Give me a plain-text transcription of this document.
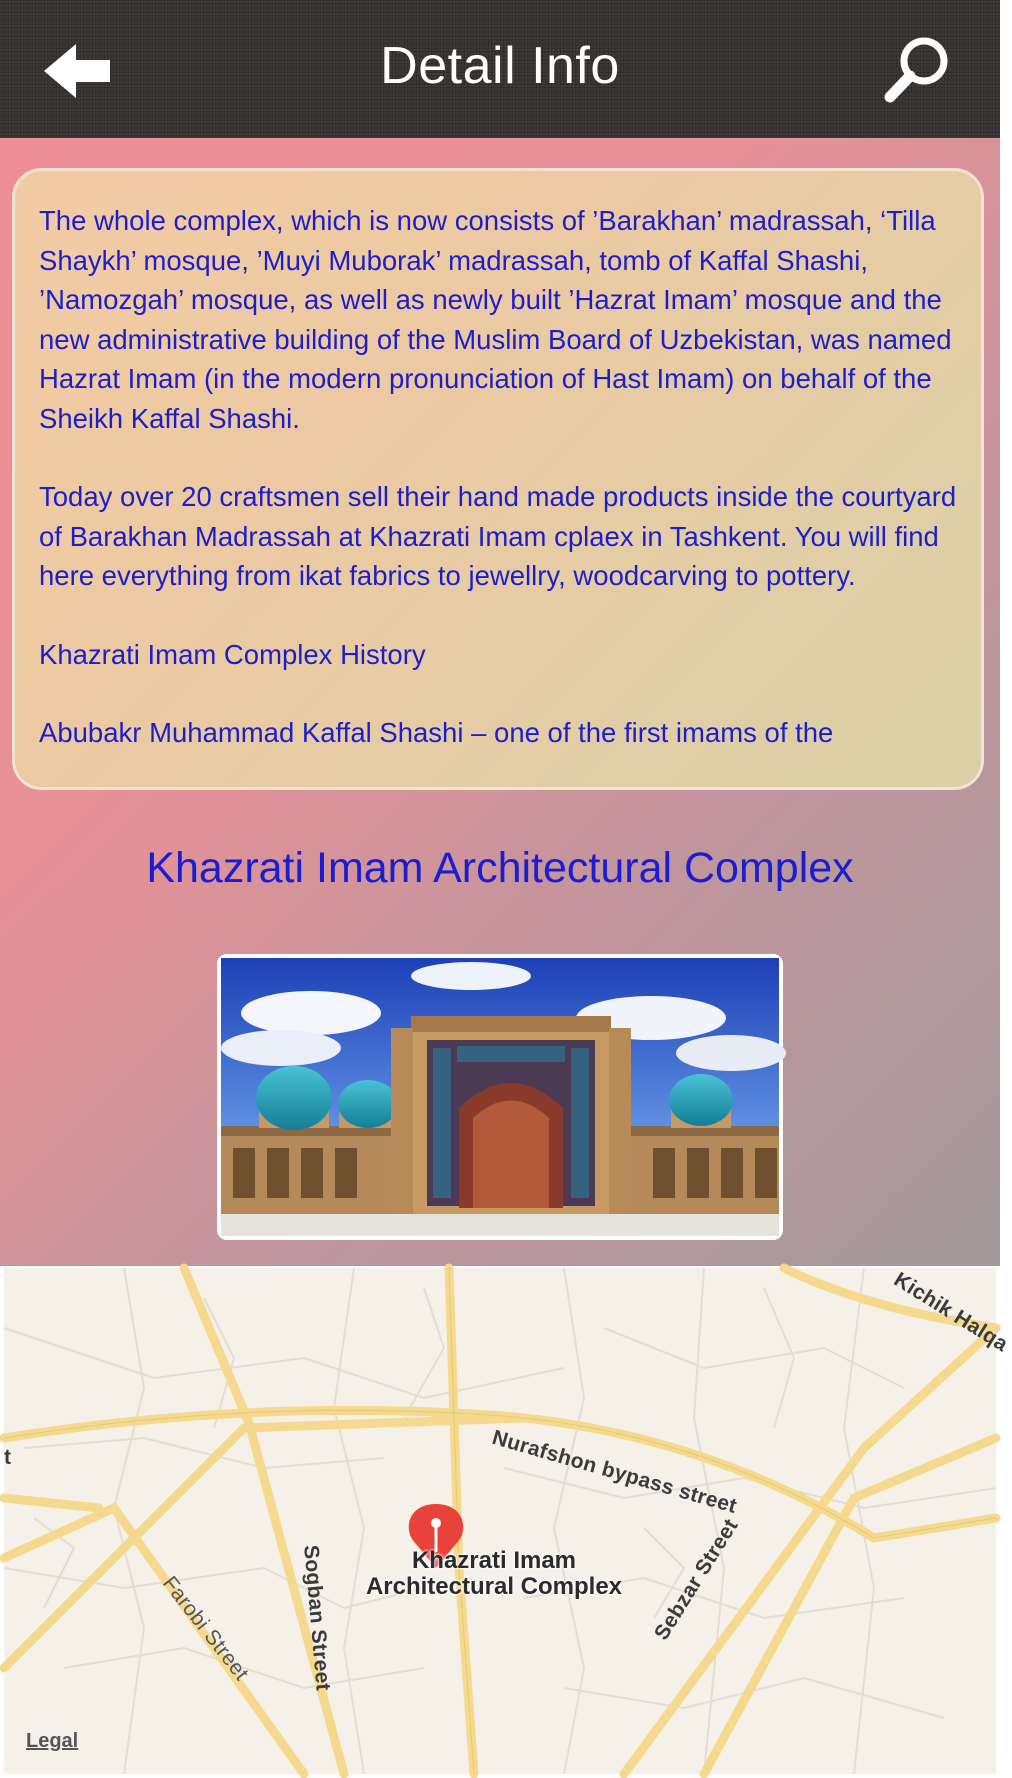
Detail Info

The whole complex, which is now consists of ’Barakhan’ madrassah, ‘Tilla Shaykh’ mosque, ’Muyi Muborak’ madrassah, tomb of Kaffal Shashi, ’Namozgah’ mosque, as well as newly built ’Hazrat Imam’ mosque and the new administrative building of the Muslim Board of Uzbekistan, was named Hazrat Imam (in the modern pronunciation of Hast Imam) on behalf of the Sheikh Kaffal Shashi.

Today over 20 craftsmen sell their hand made products inside the courtyard of Barakhan Madrassah at Khazrati Imam cplaex in Tashkent. You will find here everything from ikat fabrics to jewellry, woodcarving to pottery.

Khazrati Imam Complex History

Abubakr Muhammad Kaffal Shashi – one of the first imams of the

Khazrati Imam Architectural Complex
Nurafshon bypass street
Sebzar Street
Sogban Street
Farobi Street
Kichik Halqa
t
Khazrati Imam
Architectural Complex
Legal
